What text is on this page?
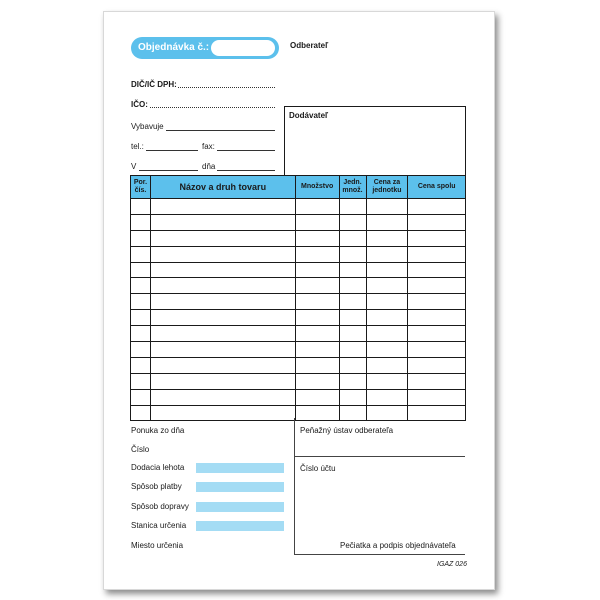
Objednávka č.:	Odberateľ
DIČ/IČ DPH:
IČO:
Vybavuje
tel.:	fax:
V	dňa
Dodávateľ
Por. čís.	Názov a druh tovaru	Množstvo	Jedn. množ.	Cena za jednotku	Cena spolu

Ponuka zo dňa
Číslo
Dodacia lehota
Spôsob platby
Spôsob dopravy
Stanica určenia
Miesto určenia
Peňažný ústav odberateľa
Číslo účtu
Pečiatka a podpis objednávateľa
IGAZ 026
